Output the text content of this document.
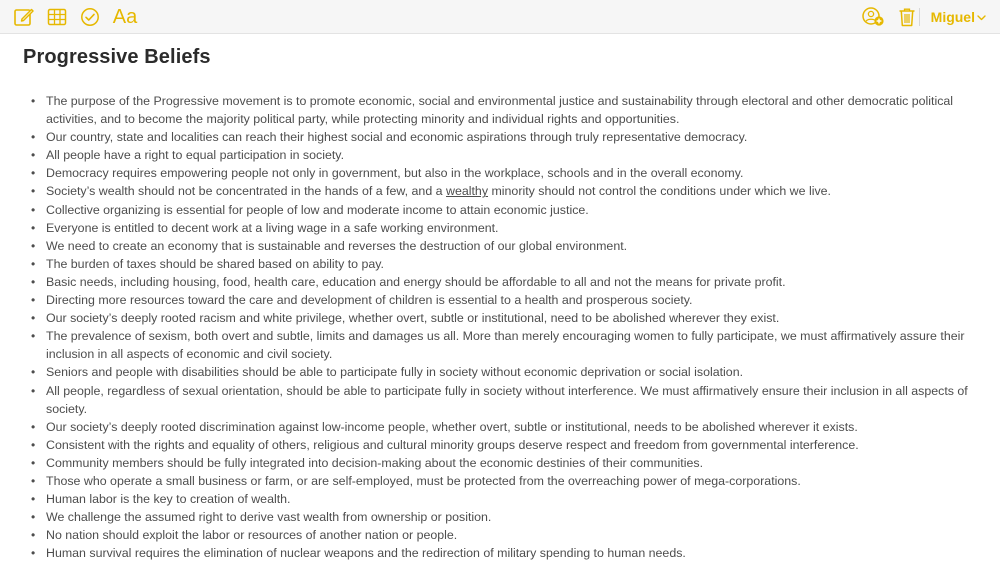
Aa	Miguel
Progressive Beliefs
• The purpose of the Progressive movement is to promote economic, social and environmental justice and sustainability through electoral and other democratic political activities, and to become the majority political party, while protecting minority and individual rights and opportunities.
• Our country, state and localities can reach their highest social and economic aspirations through truly representative democracy.
• All people have a right to equal participation in society.
• Democracy requires empowering people not only in government, but also in the workplace, schools and in the overall economy.
• Society’s wealth should not be concentrated in the hands of a few, and a wealthy minority should not control the conditions under which we live.
• Collective organizing is essential for people of low and moderate income to attain economic justice.
• Everyone is entitled to decent work at a living wage in a safe working environment.
• We need to create an economy that is sustainable and reverses the destruction of our global environment.
• The burden of taxes should be shared based on ability to pay.
• Basic needs, including housing, food, health care, education and energy should be affordable to all and not the means for private profit.
• Directing more resources toward the care and development of children is essential to a health and prosperous society.
• Our society’s deeply rooted racism and white privilege, whether overt, subtle or institutional, need to be abolished wherever they exist.
• The prevalence of sexism, both overt and subtle, limits and damages us all. More than merely encouraging women to fully participate, we must affirmatively assure their inclusion in all aspects of economic and civil society.
• Seniors and people with disabilities should be able to participate fully in society without economic deprivation or social isolation.
• All people, regardless of sexual orientation, should be able to participate fully in society without interference. We must affirmatively ensure their inclusion in all aspects of society.
• Our society’s deeply rooted discrimination against low-income people, whether overt, subtle or institutional, needs to be abolished wherever it exists.
• Consistent with the rights and equality of others, religious and cultural minority groups deserve respect and freedom from governmental interference.
• Community members should be fully integrated into decision-making about the economic destinies of their communities.
• Those who operate a small business or farm, or are self-employed, must be protected from the overreaching power of mega-corporations.
• Human labor is the key to creation of wealth.
• We challenge the assumed right to derive vast wealth from ownership or position.
• No nation should exploit the labor or resources of another nation or people.
• Human survival requires the elimination of nuclear weapons and the redirection of military spending to human needs.
